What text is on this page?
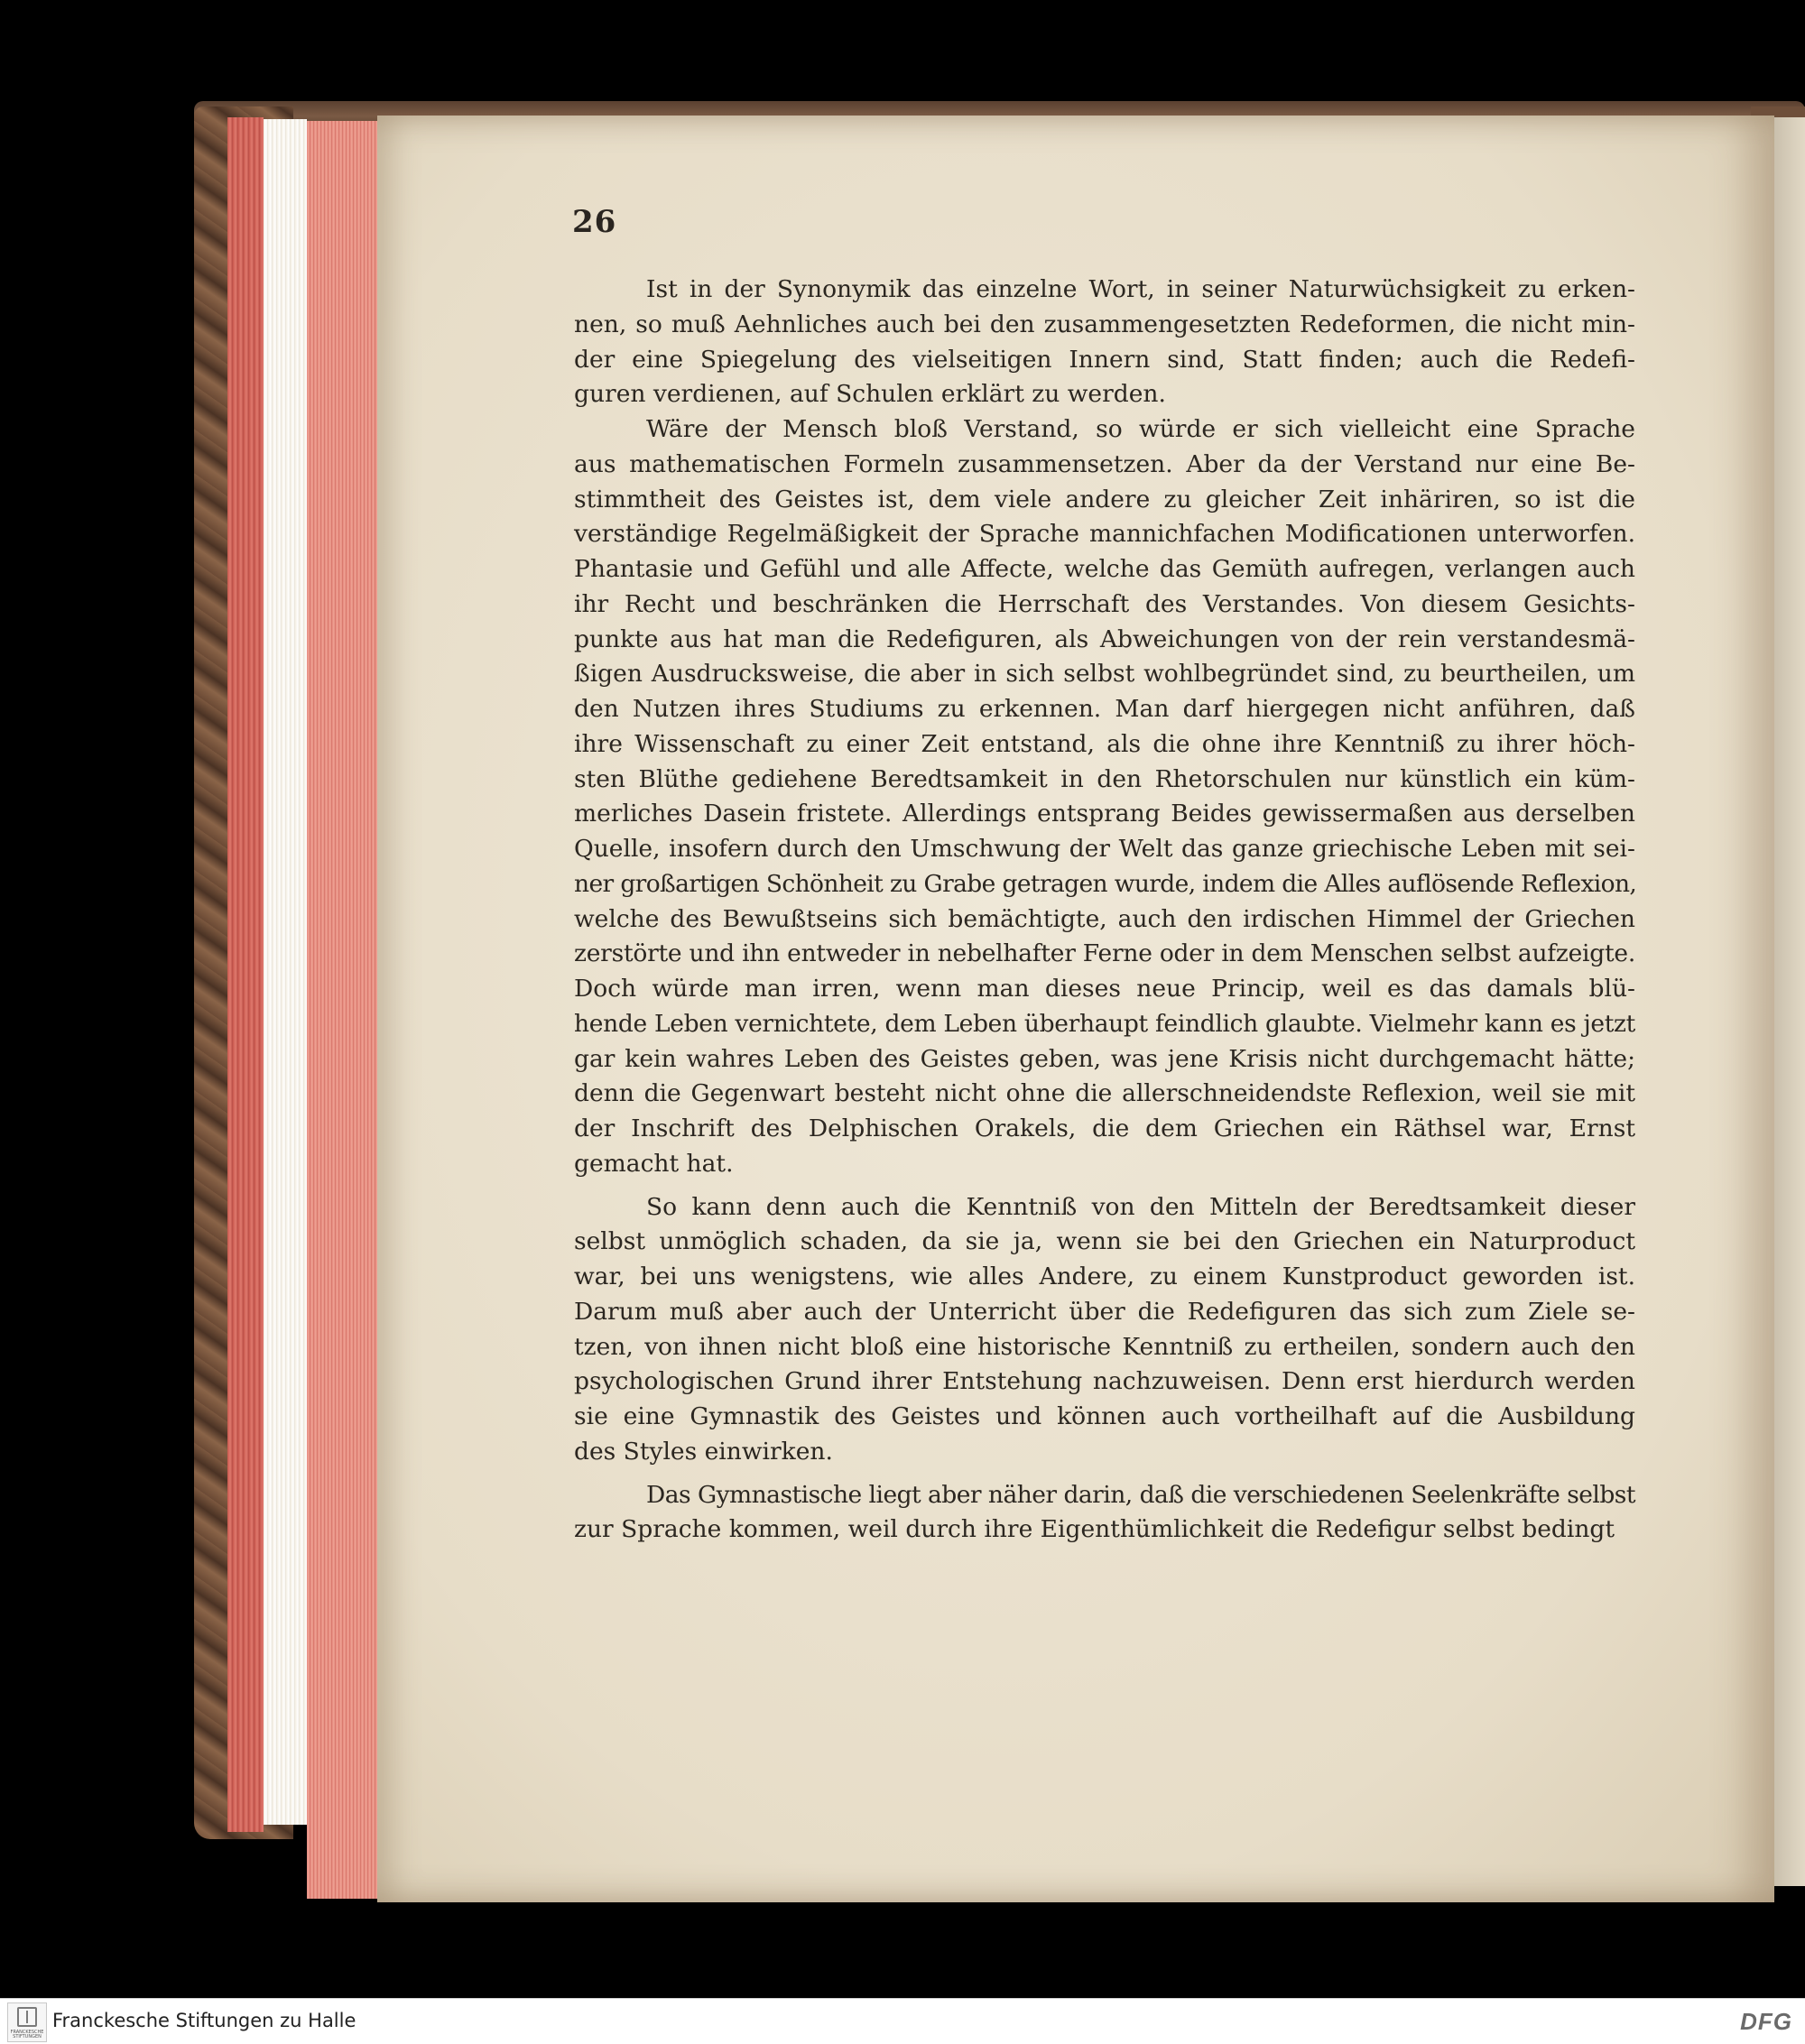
26

Ist in der Synonymik das einzelne Wort, in seiner Naturwüchsigkeit zu erken-
nen, so muß Aehnliches auch bei den zusammengesetzten Redeformen, die nicht min-
der eine Spiegelung des vielseitigen Innern sind, Statt finden; auch die Redefi-
guren verdienen, auf Schulen erklärt zu werden.

Wäre der Mensch bloß Verstand, so würde er sich vielleicht eine Sprache
aus mathematischen Formeln zusammensetzen. Aber da der Verstand nur eine Be-
stimmtheit des Geistes ist, dem viele andere zu gleicher Zeit inhäriren, so ist die
verständige Regelmäßigkeit der Sprache mannichfachen Modificationen unterworfen.
Phantasie und Gefühl und alle Affecte, welche das Gemüth aufregen, verlangen auch
ihr Recht und beschränken die Herrschaft des Verstandes. Von diesem Gesichts-
punkte aus hat man die Redefiguren, als Abweichungen von der rein verstandesmä-
ßigen Ausdrucksweise, die aber in sich selbst wohlbegründet sind, zu beurtheilen, um
den Nutzen ihres Studiums zu erkennen. Man darf hiergegen nicht anführen, daß
ihre Wissenschaft zu einer Zeit entstand, als die ohne ihre Kenntniß zu ihrer höch-
sten Blüthe gediehene Beredtsamkeit in den Rhetorschulen nur künstlich ein küm-
merliches Dasein fristete. Allerdings entsprang Beides gewissermaßen aus derselben
Quelle, insofern durch den Umschwung der Welt das ganze griechische Leben mit sei-
ner großartigen Schönheit zu Grabe getragen wurde, indem die Alles auflösende Reflexion,
welche des Bewußtseins sich bemächtigte, auch den irdischen Himmel der Griechen
zerstörte und ihn entweder in nebelhafter Ferne oder in dem Menschen selbst aufzeigte.
Doch würde man irren, wenn man dieses neue Princip, weil es das damals blü-
hende Leben vernichtete, dem Leben überhaupt feindlich glaubte. Vielmehr kann es jetzt
gar kein wahres Leben des Geistes geben, was jene Krisis nicht durchgemacht hätte;
denn die Gegenwart besteht nicht ohne die allerschneidendste Reflexion, weil sie mit
der Inschrift des Delphischen Orakels, die dem Griechen ein Räthsel war, Ernst
gemacht hat.

So kann denn auch die Kenntniß von den Mitteln der Beredtsamkeit dieser
selbst unmöglich schaden, da sie ja, wenn sie bei den Griechen ein Naturproduct
war, bei uns wenigstens, wie alles Andere, zu einem Kunstproduct geworden ist.
Darum muß aber auch der Unterricht über die Redefiguren das sich zum Ziele se-
tzen, von ihnen nicht bloß eine historische Kenntniß zu ertheilen, sondern auch den
psychologischen Grund ihrer Entstehung nachzuweisen. Denn erst hierdurch werden
sie eine Gymnastik des Geistes und können auch vortheilhaft auf die Ausbildung
des Styles einwirken.

Das Gymnastische liegt aber näher darin, daß die verschiedenen Seelenkräfte selbst
zur Sprache kommen, weil durch ihre Eigenthümlichkeit die Redefigur selbst bedingt

FRANCKESCHE STIFTUNGEN
Franckesche Stiftungen zu Halle	DFG
